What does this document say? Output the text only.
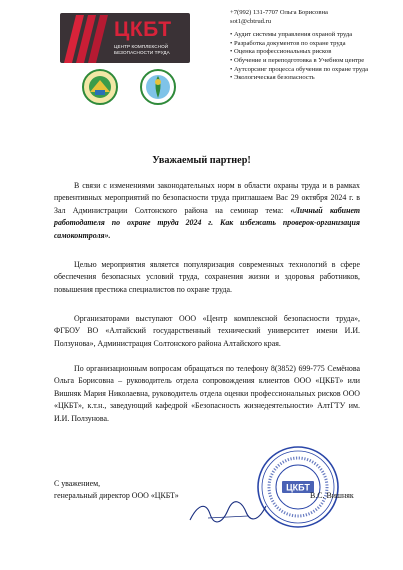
ЦКБТ
ЦЕНТР КОМПЛЕКСНОЙ БЕЗОПАСНОСТИ ТРУДА
+7(992) 131-7707 Ольга Борисовна
sot1@cbtrud.ru
• Аудит системы управления охраной труда
• Разработка документов по охране труда
• Оценка профессиональных рисков
• Обучение и переподготовка в Учебном центре
• Аутсорсинг процесса обучения по охране труда
• Экологическая безопасность
Уважаемый партнер!
В связи с изменениями законодательных норм в области охраны труда и в рамках превентивных мероприятий по безопасности труда приглашаем Вас 29 октября 2024 г. в Зал Администрации Солтонского района на семинар тема: «Личный кабинет работодателя по охране труда 2024 г. Как избежать проверок-организация самоконтроля».
Целью мероприятия является популяризация современных технологий в сфере обеспечения безопасных условий труда, сохранения жизни и здоровья работников, повышения престижа специалистов по охране труда.
Организаторами выступают ООО «Центр комплексной безопасности труда», ФГБОУ ВО «Алтайский государственный технический университет имени И.И. Ползунова», Администрация Солтонского района Алтайского края.
По организационным вопросам обращаться по телефону 8(3852) 699-775 Семёнова Ольга Борисовна – руководитель отдела сопровождения клиентов ООО «ЦКБТ» или Вишняк Мария Николаевна, руководитель отдела оценки профессиональных рисков ООО «ЦКБТ», к.т.н., заведующий кафедрой «Безопасность жизнедеятельности» АлтГТУ им. И.И. Ползунова.
ЦКБТ
С уважением,
генеральный директор ООО «ЦКБТ»	В.С. Вишняк
